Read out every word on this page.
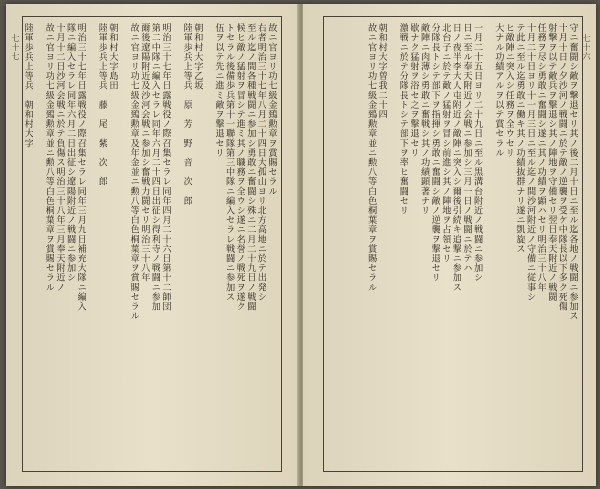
七十七	故ニ官ヨリ功七級金鵄勲章ヲ賞賜セラル
右者明治三十七年八月二十四日大孤山ヨリ北方高地ニ於テ出発シ
至ル迄ノ間各種戦闘ニ参加シ勇敢ニ奮闘シ殊ニ二月二十九日ノ戦闘
候ヒ敵ノ猛射ヲ冒シテ進ミ其ノ職務ヲ全ウシ遂ニ名誉ノ戦死ヲ遂ク
トセラル後備歩兵第十一聯隊第三中隊ニ編入セラレ戦闘ニ参加ス
伍ヲ以テ先ニ進ミ敵ヲ撃退セリ
朝和村大字乙坂
陸軍歩兵上等兵　原　芳　野　音　次　郎
明治三十七年日露戦役ノ際召集セラレ同年四月二十六日第十二師団
第二中隊ニ編入セラレ同年六月二十四日出征シ得利寺ノ戦闘ニ参加
爾後遼陽附近及沙河会戦ニ参加シ奮戦力闘セリ明治三十八年
故ニ官ヨリ功七級金鵄勲章及年金並ニ勲八等白色桐葉章ヲ賞賜セラル
朝和村大字島田
陸軍歩兵上等兵　藤　尾　紫　次　郎
明治三十七年日露戦役ノ際召集セラレ同年三月九日補充大隊ニ編入
隊ニ編入セラレ同年六月二日出征シ遼陽附近ノ戦闘ニ参加シ
十月十二日沙河会戦ニ於テ負傷ス明治三十八年三月奉天附近ノ
故ニ官ヨリ功七級金鵄勲章並ニ勲八等白色桐葉章ヲ賞賜セラル
陸軍歩兵上等兵　朝和村大字	七十六
守ニ奮闘シ敵ヲ撃退セリ其ノ後二月十日ニ至ル迄各地ノ戦闘ニ参加ス
十月十日ノ夕沙河ノ戦闘ニ於テ敵ノ逆襲ヲ受ケ中隊長以下多ク死傷
射撃ヲ以テ敵兵ヲ撃退シ其ノ陣地ヲ守備セリ翌日奉天附近ノ戦闘
任務ヲ尽シ勇敢ニ奮闘シ遂ニ其ノ功績ヲ顕ハセリ明治三十八年
十月二十日ヨリ十一月三日ニ至ル迄ノ間沙河附近ノ守備ニ従事シ
テ此ニ至ル迄勇敢ニ働キ其ノ功績抜群ナリ遂ニ凱旋ス
ヒ敵陣ニ突入シ任務ヲ全ウセリ
大ナル功績アルヲ以テ賞セラル
一月二十五日ヨリ二十九日ニ至ル黒溝台附近ノ戦闘ニ参加シ
日ニ至ル奉天附近ノ会戦ニ参加シ三月一日ノ戦闘ニ於テハ
日ノ夜半李大人屯附近ノ敵陣ニ突入シ爾後引続キ追撃ニ参加ス
北台子ニ於テ敵ノ猛射ヲ冒シ前進シ其ノ陣地ヲ占領セリ
分隊長トシテ部下ヲ指揮シ勇敢ニ奮闘シ敵ノ逆襲ヲ撃退セリ
敵陣ニ肉薄シ勇敢ニ奮戦シ其ノ功績顕著ナリ
歇ナク猛射ヲ浴セ之ヲ撃退セリ
激戦ニ於テ分隊長トシテ部下ヲ率ヒ奮闘セリ
朝和村大字曽我二十四
故ニ官ヨリ功七級金鵄勲章並ニ勲八等白色桐葉章ヲ賞賜セラル
